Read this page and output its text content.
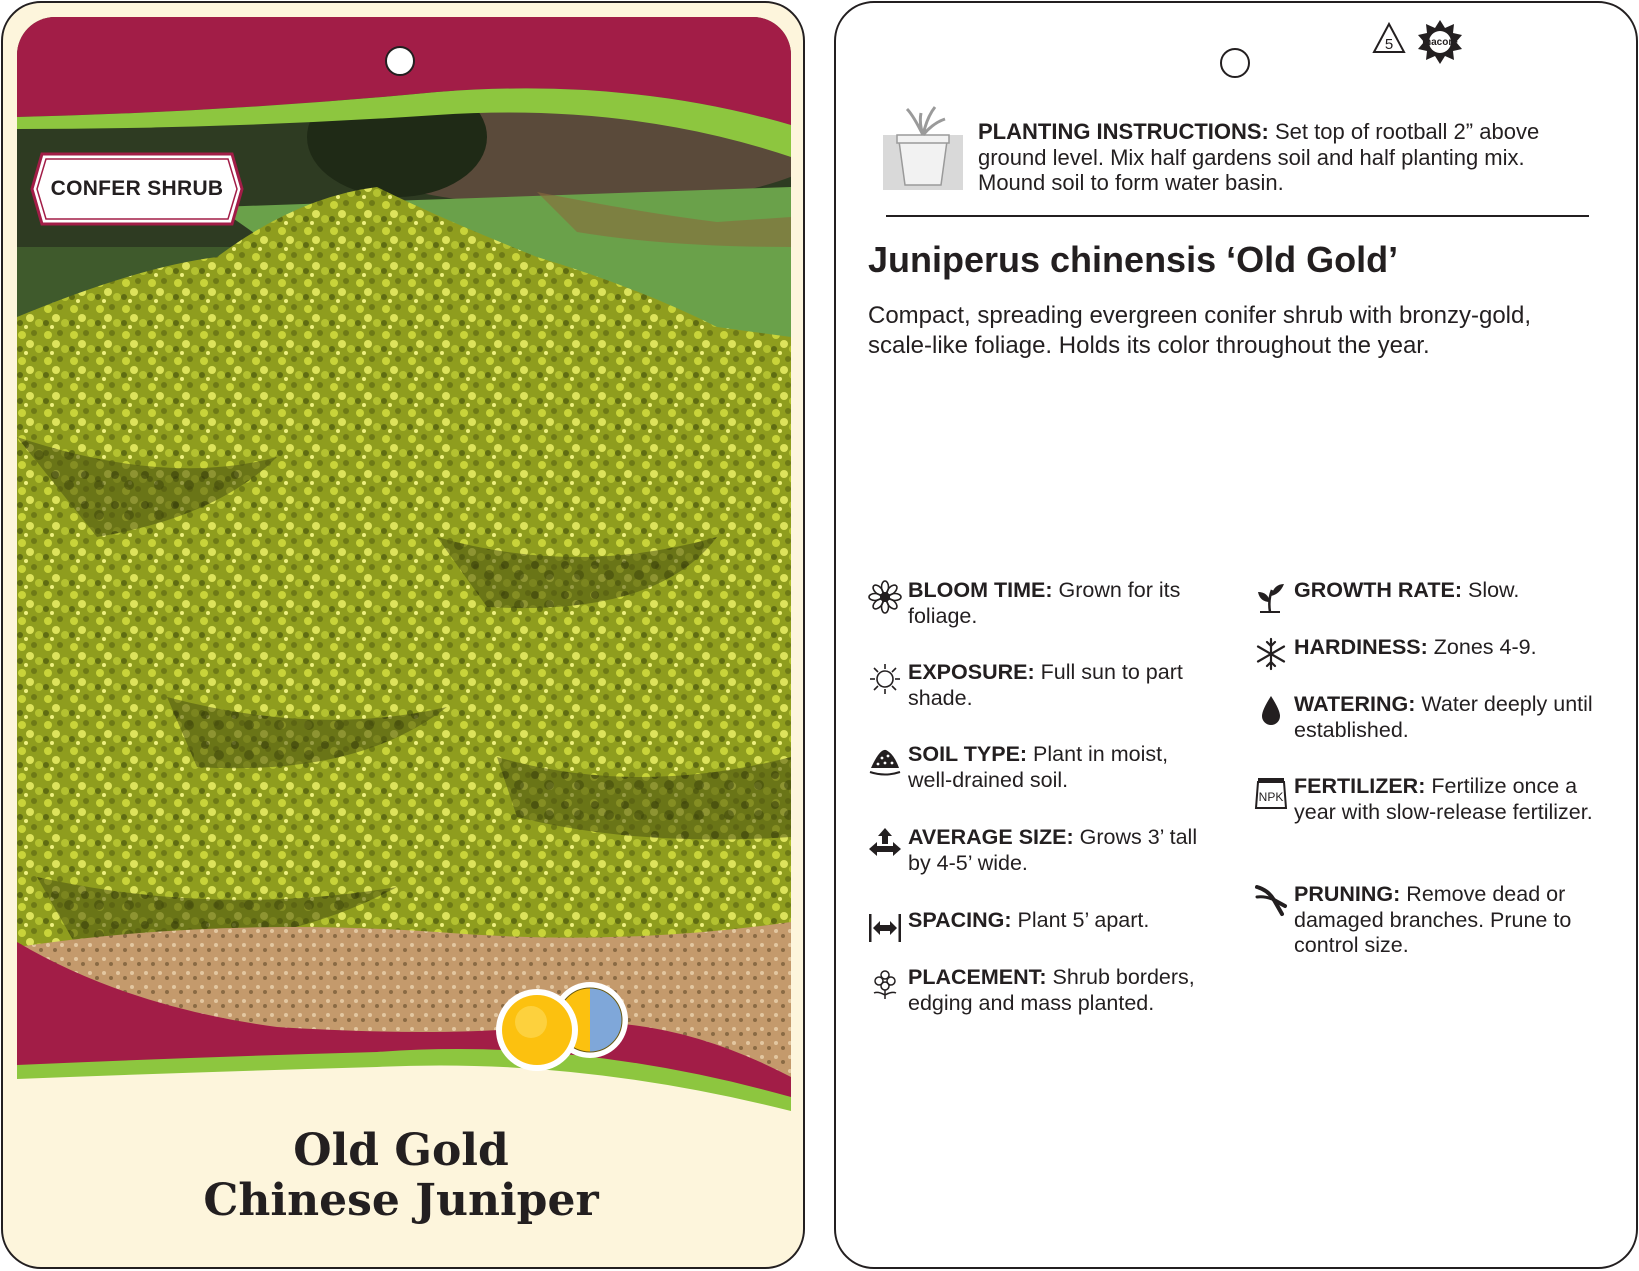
CONFER SHRUB
Old Gold
Chinese Juniper
5	macore
PLANTING INSTRUCTIONS: Set top of rootball 2” above ground level. Mix half gardens soil and half planting mix. Mound soil to form water basin.
Juniperus chinensis ‘Old Gold’
Compact, spreading evergreen conifer shrub with bronzy-gold, scale-like foliage. Holds its color throughout the year.
BLOOM TIME: Grown for its foliage.
EXPOSURE: Full sun to part shade.
SOIL TYPE: Plant in moist, well-drained soil.
AVERAGE SIZE: Grows 3’ tall by 4-5’ wide.
SPACING: Plant 5’ apart.
PLACEMENT: Shrub borders, edging and mass planted.
GROWTH RATE: Slow.
HARDINESS: Zones 4-9.
WATERING: Water deeply until established.
NPK FERTILIZER: Fertilize once a year with slow-release fertilizer.
PRUNING: Remove dead or damaged branches. Prune to control size.
